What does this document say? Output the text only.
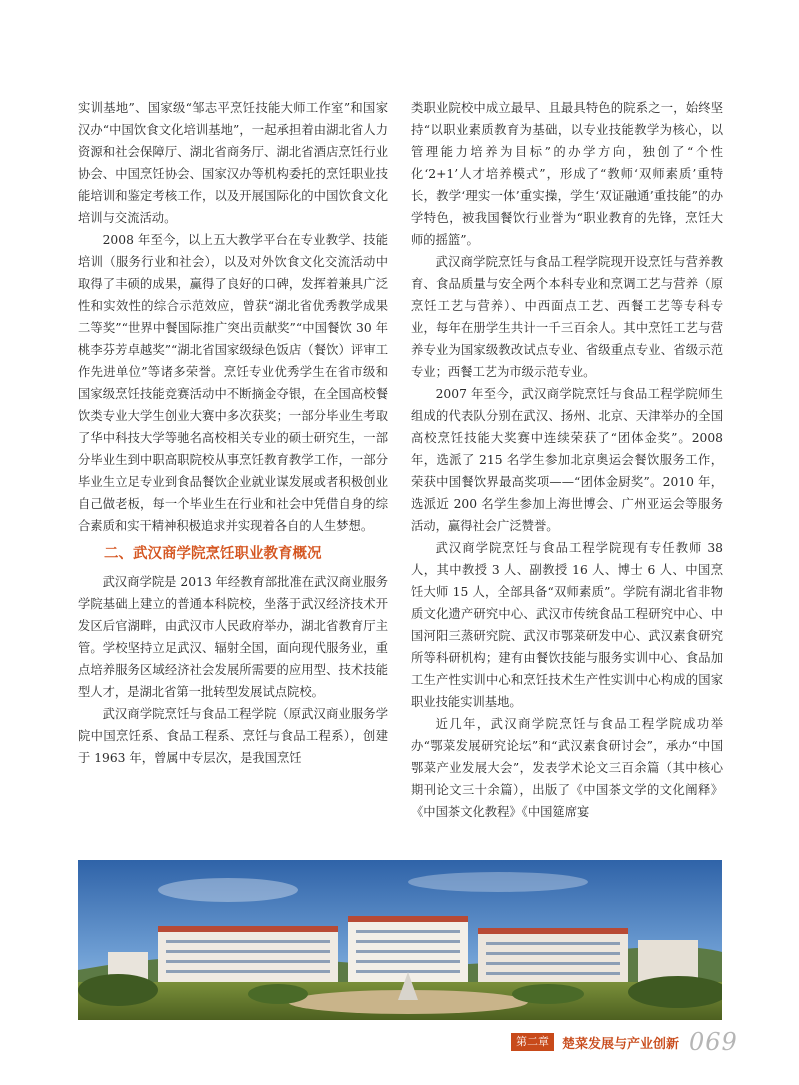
实训基地”、国家级“邹志平烹饪技能大师工作室”和国家汉办“中国饮食文化培训基地”，一起承担着由湖北省人力资源和社会保障厅、湖北省商务厅、湖北省酒店烹饪行业协会、中国烹饪协会、国家汉办等机构委托的烹饪职业技能培训和鉴定考核工作，以及开展国际化的中国饮食文化培训与交流活动。

2008 年至今，以上五大教学平台在专业教学、技能培训（服务行业和社会），以及对外饮食文化交流活动中取得了丰硕的成果，赢得了良好的口碑，发挥着兼具广泛性和实效性的综合示范效应，曾获“湖北省优秀教学成果二等奖”“世界中餐国际推广突出贡献奖”“中国餐饮 30 年桃李芬芳卓越奖”“湖北省国家级绿色饭店（餐饮）评审工作先进单位”等诸多荣誉。烹饪专业优秀学生在省市级和国家级烹饪技能竞赛活动中不断摘金夺银，在全国高校餐饮类专业大学生创业大赛中多次获奖；一部分毕业生考取了华中科技大学等驰名高校相关专业的硕士研究生，一部分毕业生到中职高职院校从事烹饪教育教学工作，一部分毕业生立足专业到食品餐饮企业就业谋发展或者积极创业自己做老板，每一个毕业生在行业和社会中凭借自身的综合素质和实干精神积极追求并实现着各自的人生梦想。

二、武汉商学院烹饪职业教育概况

武汉商学院是 2013 年经教育部批准在武汉商业服务学院基础上建立的普通本科院校，坐落于武汉经济技术开发区后官湖畔，由武汉市人民政府举办，湖北省教育厅主管。学校坚持立足武汉、辐射全国，面向现代服务业，重点培养服务区域经济社会发展所需要的应用型、技术技能型人才，是湖北省第一批转型发展试点院校。

武汉商学院烹饪与食品工程学院（原武汉商业服务学院中国烹饪系、食品工程系、烹饪与食品工程系），创建于 1963 年，曾属中专层次，是我国烹饪

类职业院校中成立最早、且最具特色的院系之一，始终坚持“以职业素质教育为基础，以专业技能教学为核心，以管理能力培养为目标”的办学方向，独创了“个性化‘2+1’人才培养模式”，形成了“教师‘双师素质’重特长，教学‘理实一体’重实操，学生‘双证融通’重技能”的办学特色，被我国餐饮行业誉为“职业教育的先锋，烹饪大师的摇篮”。

武汉商学院烹饪与食品工程学院现开设烹饪与营养教育、食品质量与安全两个本科专业和烹调工艺与营养（原烹饪工艺与营养）、中西面点工艺、西餐工艺等专科专业，每年在册学生共计一千三百余人。其中烹饪工艺与营养专业为国家级教改试点专业、省级重点专业、省级示范专业；西餐工艺为市级示范专业。

2007 年至今，武汉商学院烹饪与食品工程学院师生组成的代表队分别在武汉、扬州、北京、天津举办的全国高校烹饪技能大奖赛中连续荣获了“团体金奖”。2008 年，选派了 215 名学生参加北京奥运会餐饮服务工作，荣获中国餐饮界最高奖项——“团体金厨奖”。2010 年，选派近 200 名学生参加上海世博会、广州亚运会等服务活动，赢得社会广泛赞誉。

武汉商学院烹饪与食品工程学院现有专任教师 38 人，其中教授 3 人、副教授 16 人、博士 6 人、中国烹饪大师 15 人，全部具备“双师素质”。学院有湖北省非物质文化遗产研究中心、武汉市传统食品工程研究中心、中国河阳三蒸研究院、武汉市鄂菜研发中心、武汉素食研究所等科研机构；建有由餐饮技能与服务实训中心、食品加工生产性实训中心和烹饪技术生产性实训中心构成的国家职业技能实训基地。

近几年，武汉商学院烹饪与食品工程学院成功举办“鄂菜发展研究论坛”和“武汉素食研讨会”，承办“中国鄂菜产业发展大会”，发表学术论文三百余篇（其中核心期刊论文三十余篇），出版了《中国茶文学的文化阐释》《中国茶文化教程》《中国筵席宴

第二章	楚菜发展与产业创新 069
